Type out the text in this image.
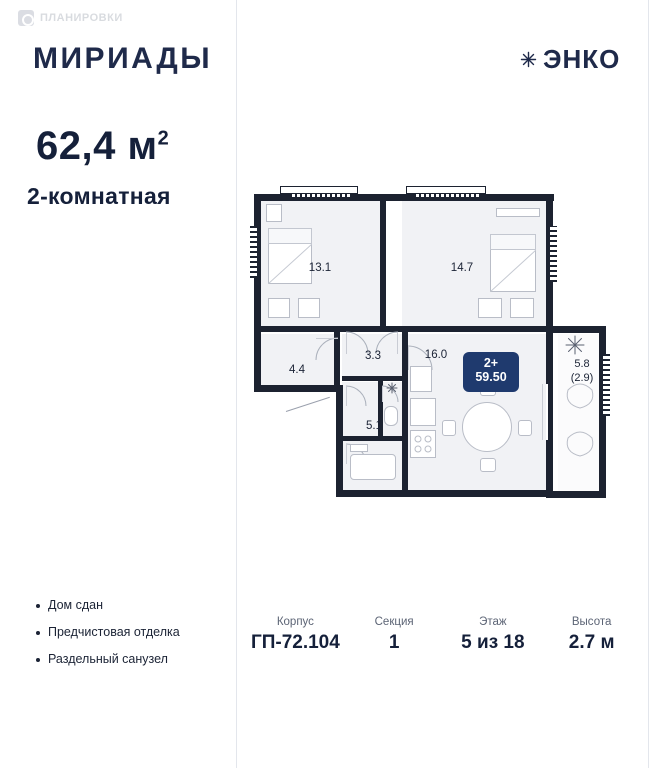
ПЛАНИРОВКИ
МИРИАДЫ	ЭНКО
62,4 $м^2$
2-комнатная
Дом сдан
Предчистовая отделка
Раздельный санузел
Корпус
ГП-72.104
Секция
1
Этаж
5 из 18
Высота
2.7 м
13.1	14.7
16.0
3.3
5.1
4.4	5.8
(2.9)
2+
59.50
